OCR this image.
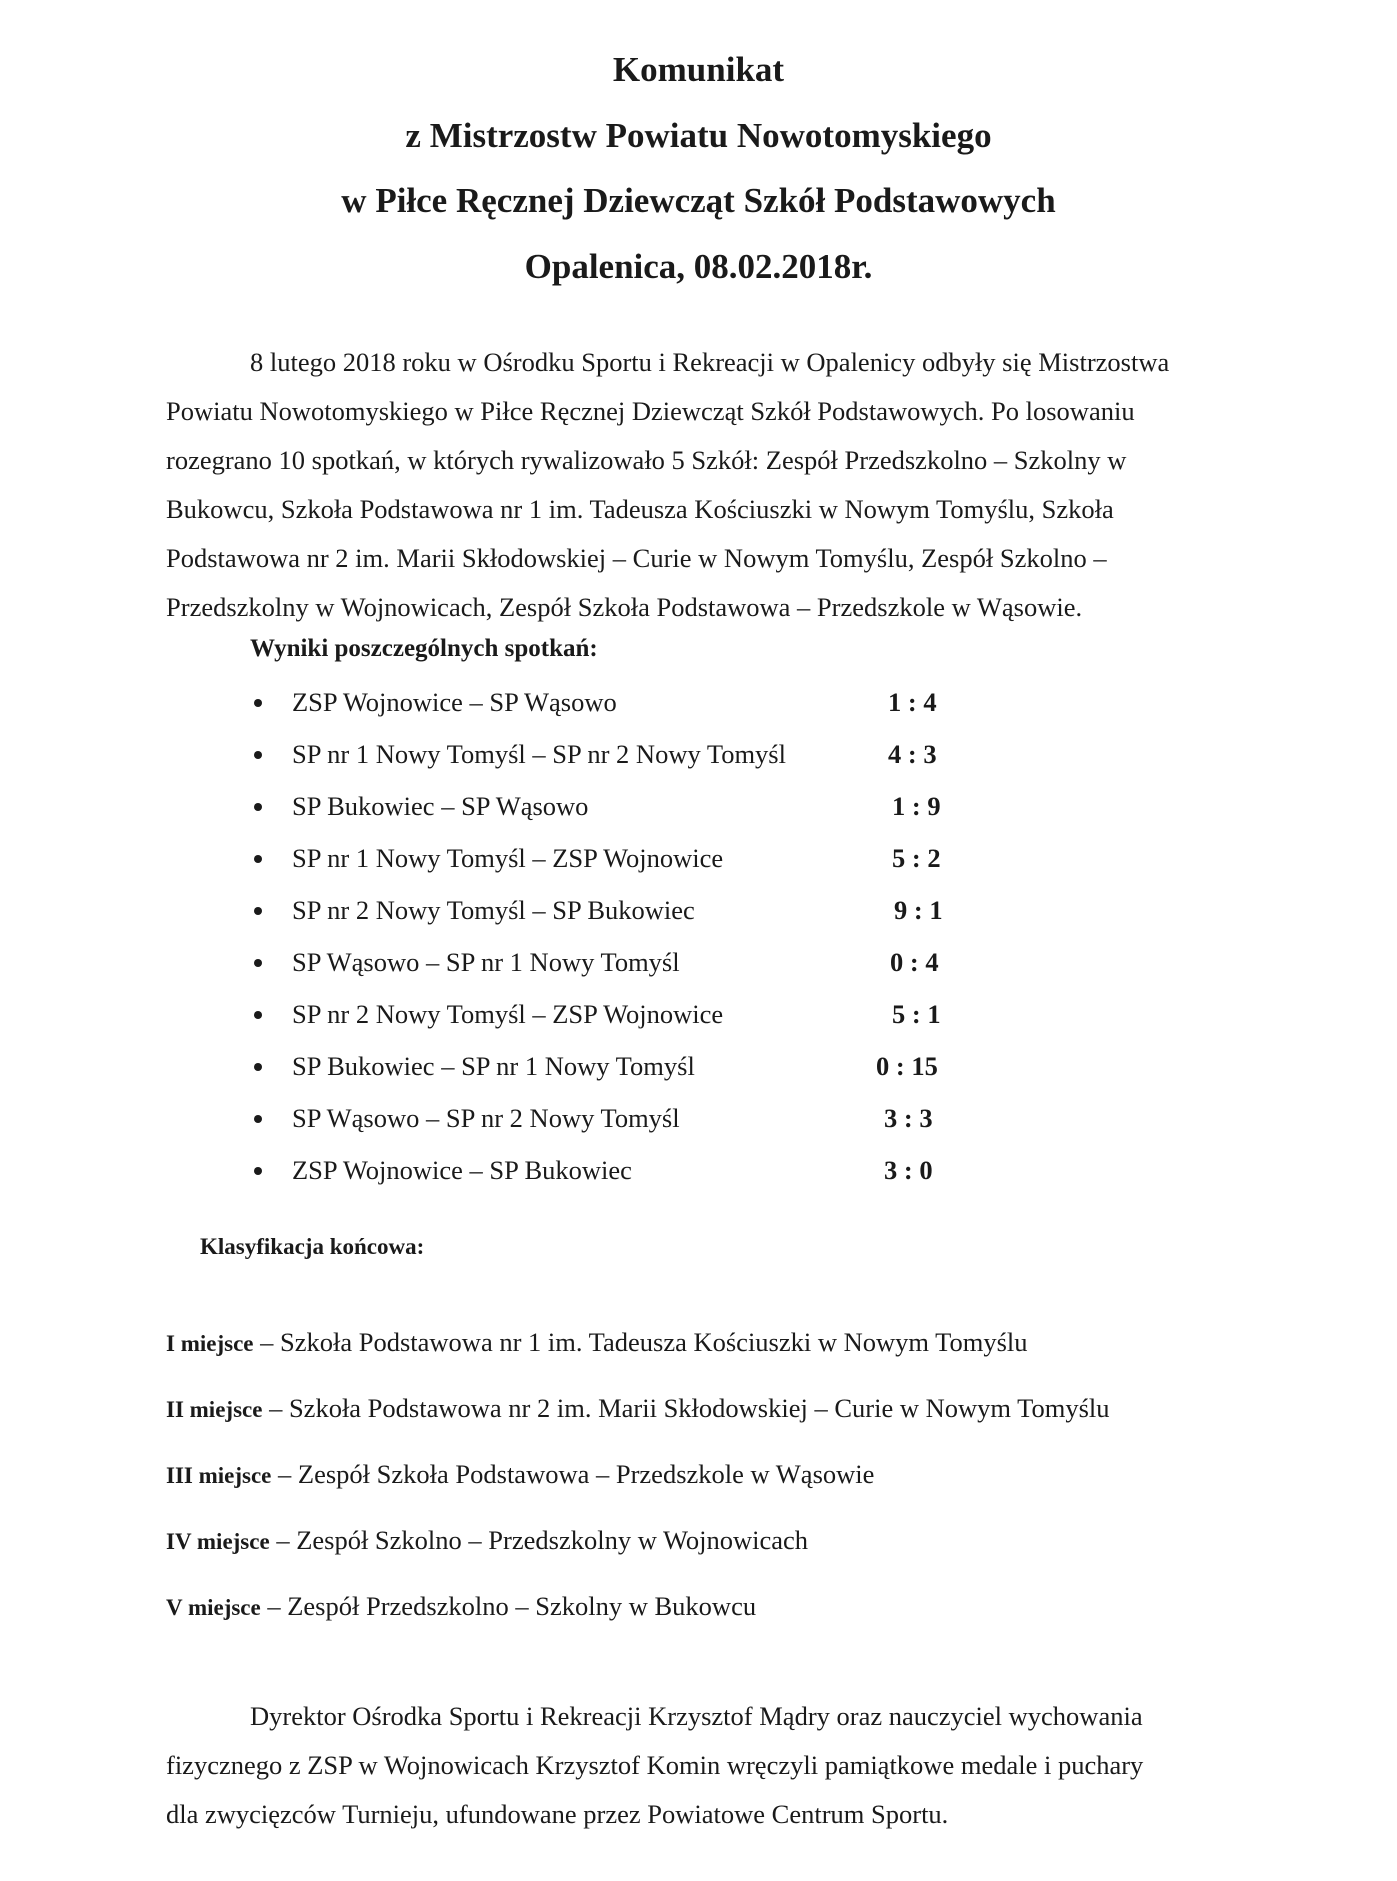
Komunikat
z Mistrzostw Powiatu Nowotomyskiego
w Piłce Ręcznej Dziewcząt Szkół Podstawowych
Opalenica, 08.02.2018r.

8 lutego 2018 roku w Ośrodku Sportu i Rekreacji w Opalenicy odbyły się Mistrzostwa
Powiatu Nowotomyskiego w Piłce Ręcznej Dziewcząt Szkół Podstawowych. Po losowaniu
rozegrano 10 spotkań, w których rywalizowało 5 Szkół: Zespół Przedszkolno – Szkolny w
Bukowcu, Szkoła Podstawowa nr 1 im. Tadeusza Kościuszki w Nowym Tomyślu, Szkoła
Podstawowa nr 2 im. Marii Skłodowskiej – Curie w Nowym Tomyślu, Zespół Szkolno –
Przedszkolny w Wojnowicach, Zespół Szkoła Podstawowa – Przedszkole w Wąsowie.

Wyniki poszczególnych spotkań:
ZSP Wojnowice – SP Wąsowo	1 : 4
SP nr 1 Nowy Tomyśl – SP nr 2 Nowy Tomyśl	4 : 3
SP Bukowiec – SP Wąsowo	1 : 9
SP nr 1 Nowy Tomyśl – ZSP Wojnowice	5 : 2
SP nr 2 Nowy Tomyśl – SP Bukowiec	9 : 1
SP Wąsowo – SP nr 1 Nowy Tomyśl	0 : 4
SP nr 2 Nowy Tomyśl – ZSP Wojnowice	5 : 1
SP Bukowiec – SP nr 1 Nowy Tomyśl	0 : 15
SP Wąsowo – SP nr 2 Nowy Tomyśl	3 : 3
ZSP Wojnowice – SP Bukowiec	3 : 0
Klasyfikacja końcowa:
I miejsce – Szkoła Podstawowa nr 1 im. Tadeusza Kościuszki w Nowym Tomyślu
II miejsce – Szkoła Podstawowa nr 2 im. Marii Skłodowskiej – Curie w Nowym Tomyślu
III miejsce – Zespół Szkoła Podstawowa – Przedszkole w Wąsowie
IV miejsce – Zespół Szkolno – Przedszkolny w Wojnowicach
V miejsce – Zespół Przedszkolno – Szkolny w Bukowcu

Dyrektor Ośrodka Sportu i Rekreacji Krzysztof Mądry oraz nauczyciel wychowania
fizycznego z ZSP w Wojnowicach Krzysztof Komin wręczyli pamiątkowe medale i puchary
dla zwycięzców Turnieju, ufundowane przez Powiatowe Centrum Sportu.
